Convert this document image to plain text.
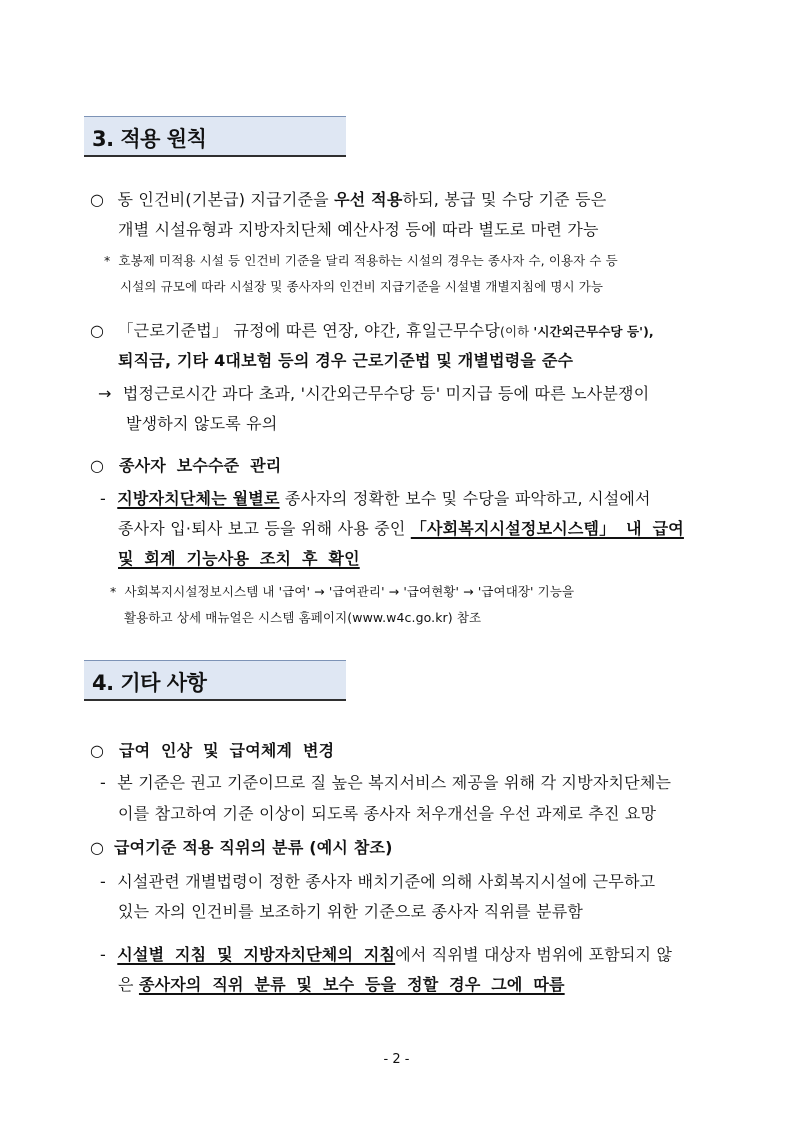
3. 적용 원칙
○ 동 인건비(기본급) 지급기준을 우선 적용하되, 봉급 및 수당 기준 등은
개별 시설유형과 지방자치단체 예산사정 등에 따라 별도로 마련 가능
* 호봉제 미적용 시설 등 인건비 기준을 달리 적용하는 시설의 경우는 종사자 수, 이용자 수 등
시설의 규모에 따라 시설장 및 종사자의 인건비 지급기준을 시설별 개별지침에 명시 가능
○ 「근로기준법」 규정에 따른 연장, 야간, 휴일근무수당(이하 '시간외근무수당 등'),
퇴직금, 기타 4대보험 등의 경우 근로기준법 및 개별법령을 준수
→ 법정근로시간 과다 초과, '시간외근무수당 등' 미지급 등에 따른 노사분쟁이
발생하지 않도록 유의
○ 종사자 보수수준 관리
- 지방자치단체는 월별로 종사자의 정확한 보수 및 수당을 파악하고, 시설에서
종사자 입·퇴사 보고 등을 위해 사용 중인 「사회복지시설정보시스템」 내 급여
및 회계 기능사용 조치 후 확인
* 사회복지시설정보시스템 내 '급여' → '급여관리' → '급여현황' → '급여대장' 기능을
활용하고 상세 매뉴얼은 시스템 홈페이지(www.w4c.go.kr) 참조
4. 기타 사항
○ 급여 인상 및 급여체계 변경
- 본 기준은 권고 기준이므로 질 높은 복지서비스 제공을 위해 각 지방자치단체는
이를 참고하여 기준 이상이 되도록 종사자 처우개선을 우선 과제로 추진 요망
○ 급여기준 적용 직위의 분류 (예시 참조)
- 시설관련 개별법령이 정한 종사자 배치기준에 의해 사회복지시설에 근무하고
있는 자의 인건비를 보조하기 위한 기준으로 종사자 직위를 분류함
- 시설별 지침 및 지방자치단체의 지침에서 직위별 대상자 범위에 포함되지 않
은 종사자의 직위 분류 및 보수 등을 정할 경우 그에 따름
- 2 -
